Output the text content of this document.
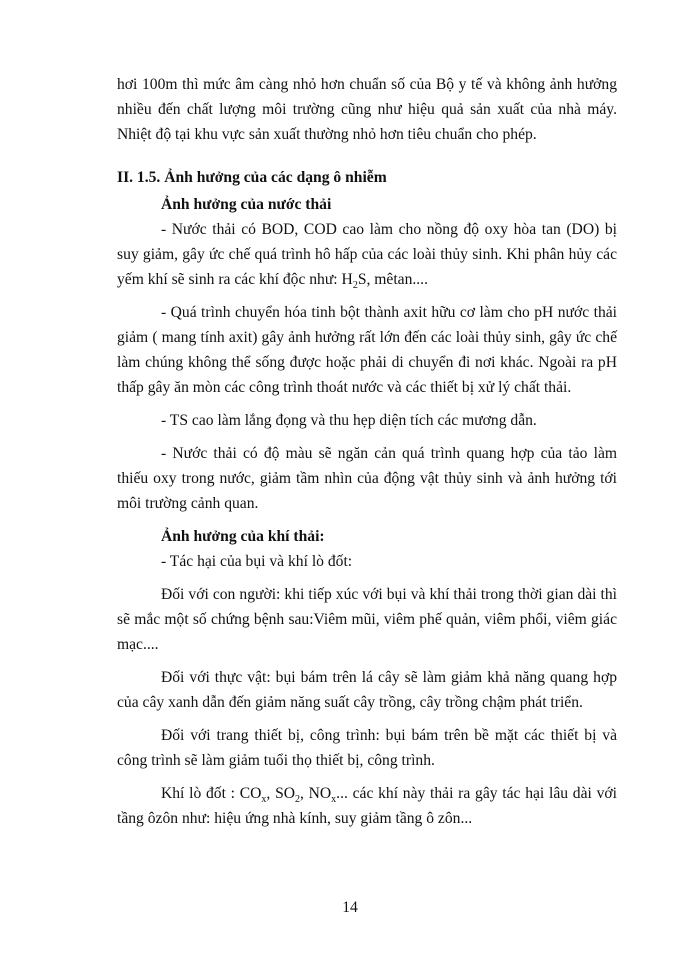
hơi 100m thì mức âm càng nhỏ hơn chuẩn số của Bộ y tế và không ảnh hưởng nhiều đến chất lượng môi trường cũng như hiệu quả sản xuất của nhà máy. Nhiệt độ tại khu vực sản xuất thường nhỏ hơn tiêu chuẩn cho phép.

II. 1.5. Ảnh hưởng của các dạng ô nhiễm

Ảnh hưởng của nước thải

- Nước thải có BOD, COD cao làm cho nồng độ oxy hòa tan (DO) bị suy giảm, gây ức chế quá trình hô hấp của các loài thủy sinh. Khi phân hủy các yếm khí sẽ sinh ra các khí độc như: $H_2S$, mêtan....

- Quá trình chuyển hóa tinh bột thành axit hữu cơ làm cho pH nước thải giảm ( mang tính axit) gây ảnh hưởng rất lớn đến các loài thủy sinh, gây ức chế làm chúng không thể sống được hoặc phải di chuyển đi nơi khác. Ngoài ra pH thấp gây ăn mòn các công trình thoát nước và các thiết bị xử lý chất thải.

- TS cao làm lắng đọng và thu hẹp diện tích các mương dẫn.

- Nước thải có độ màu sẽ ngăn cản quá trình quang hợp của tảo làm thiếu oxy trong nước, giảm tầm nhìn của động vật thủy sinh và ảnh hưởng tới môi trường cảnh quan.

Ảnh hưởng của khí thải:

- Tác hại của bụi và khí lò đốt:

Đối với con người: khi tiếp xúc với bụi và khí thải trong thời gian dài thì sẽ mắc một số chứng bệnh sau:Viêm mũi, viêm phế quản, viêm phổi, viêm giác mạc....

Đối với thực vật: bụi bám trên lá cây sẽ làm giảm khả năng quang hợp của cây xanh dẫn đến giảm năng suất cây trồng, cây trồng chậm phát triển.

Đối với trang thiết bị, công trình: bụi bám trên bề mặt các thiết bị và công trình sẽ làm giảm tuổi thọ thiết bị, công trình.

Khí lò đốt : $CO_x$, $SO_2$, $NO_x$... các khí này thải ra gây tác hại lâu dài với tầng ôzôn như: hiệu ứng nhà kính, suy giảm tầng ô zôn...

14
